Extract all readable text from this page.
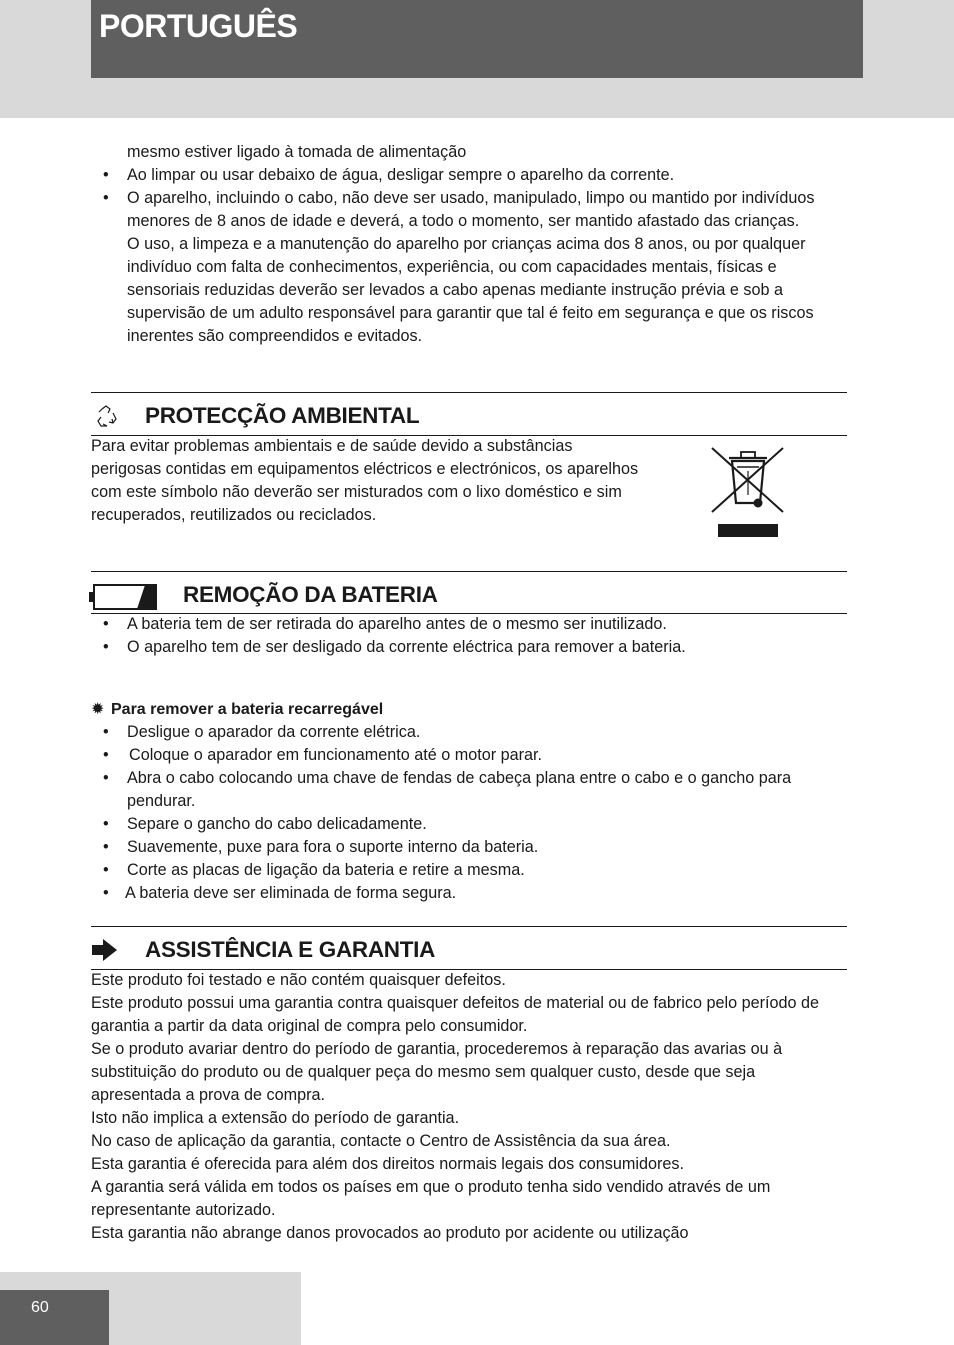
PORTUGUÊS
mesmo estiver ligado à tomada de alimentação
• Ao limpar ou usar debaixo de água, desligar sempre o aparelho da corrente.
• O aparelho, incluindo o cabo, não deve ser usado, manipulado, limpo ou mantido por indivíduos menores de 8 anos de idade e deverá, a todo o momento, ser mantido afastado das crianças.
O uso, a limpeza e a manutenção do aparelho por crianças acima dos 8 anos, ou por qualquer indivíduo com falta de conhecimentos, experiência, ou com capacidades mentais, físicas e sensoriais reduzidas deverão ser levados a cabo apenas mediante instrução prévia e sob a supervisão de um adulto responsável para garantir que tal é feito em segurança e que os riscos inerentes são compreendidos e evitados.
PROTECÇÃO AMBIENTAL

Para evitar problemas ambientais e de saúde devido a substâncias perigosas contidas em equipamentos eléctricos e electrónicos, os aparelhos com este símbolo não deverão ser misturados com o lixo doméstico e sim recuperados, reutilizados ou reciclados.

REMOÇÃO DA BATERIA
• A bateria tem de ser retirada do aparelho antes de o mesmo ser inutilizado.
• O aparelho tem de ser desligado da corrente eléctrica para remover a bateria.

✹ Para remover a bateria recarregável

• Desligue o aparador da corrente elétrica.
• Coloque o aparador em funcionamento até o motor parar.
• Abra o cabo colocando uma chave de fendas de cabeça plana entre o cabo e o gancho para pendurar.
• Separe o gancho do cabo delicadamente.
• Suavemente, puxe para fora o suporte interno da bateria.
• Corte as placas de ligação da bateria e retire a mesma.
• A bateria deve ser eliminada de forma segura.
ASSISTÊNCIA E GARANTIA
Este produto foi testado e não contém quaisquer defeitos.
Este produto possui uma garantia contra quaisquer defeitos de material ou de fabrico pelo período de garantia a partir da data original de compra pelo consumidor.
Se o produto avariar dentro do período de garantia, procederemos à reparação das avarias ou à substituição do produto ou de qualquer peça do mesmo sem qualquer custo, desde que seja apresentada a prova de compra.
Isto não implica a extensão do período de garantia.
No caso de aplicação da garantia, contacte o Centro de Assistência da sua área.
Esta garantia é oferecida para além dos direitos normais legais dos consumidores.
A garantia será válida em todos os países em que o produto tenha sido vendido através de um representante autorizado.
Esta garantia não abrange danos provocados ao produto por acidente ou utilização
60
